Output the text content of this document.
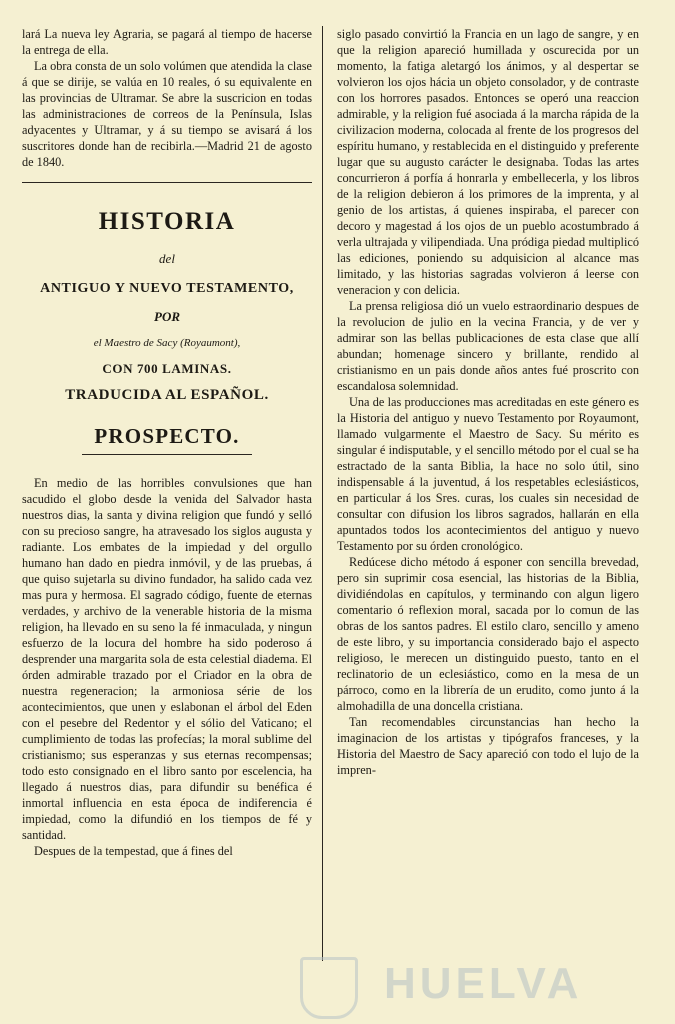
lará La nueva ley Agraria, se pagará al tiempo de hacerse la entrega de ella.

La obra consta de un solo volúmen que atendida la clase á que se dirije, se valúa en 10 reales, ó su equivalente en las provincias de Ultramar. Se abre la suscricion en todas las administraciones de correos de la Península, Islas adyacentes y Ultramar, y á su tiempo se avisará á los suscritores donde han de recibirla.—Madrid 21 de agosto de 1840.

HISTORIA
del
ANTIGUO Y NUEVO TESTAMENTO,
POR
el Maestro de Sacy (Royaumont),
CON 700 LAMINAS.
TRADUCIDA AL ESPAÑOL.
PROSPECTO.

En medio de las horribles convulsiones que han sacudido el globo desde la venida del Salvador hasta nuestros dias, la santa y divina religion que fundó y selló con su precioso sangre, ha atravesado los siglos augusta y radiante. Los embates de la impiedad y del orgullo humano han dado en piedra inmóvil, y de las pruebas, á que quiso sujetarla su divino fundador, ha salido cada vez mas pura y hermosa. El sagrado código, fuente de eternas verdades, y archivo de la venerable historia de la misma religion, ha llevado en su seno la fé inmaculada, y ningun esfuerzo de la locura del hombre ha sido poderoso á desprender una margarita sola de esta celestial diadema. El órden admirable trazado por el Criador en la obra de nuestra regeneracion; la armoniosa série de los acontecimientos, que unen y eslabonan el árbol del Eden con el pesebre del Redentor y el sólio del Vaticano; el cumplimiento de todas las profecías; la moral sublime del cristianismo; sus esperanzas y sus eternas recompensas; todo esto consignado en el libro santo por escelencia, ha llegado á nuestros dias, para difundir su benéfica é inmortal influencia en esta época de indiferencia é impiedad, como la difundió en los tiempos de fé y santidad.

Despues de la tempestad, que á fines del

siglo pasado convirtió la Francia en un lago de sangre, y en que la religion apareció humillada y oscurecida por un momento, la fatiga aletargó los ánimos, y al despertar se volvieron los ojos hácia un objeto consolador, y de contraste con los horrores pasados. Entonces se operó una reaccion admirable, y la religion fué asociada á la marcha rápida de la civilizacion moderna, colocada al frente de los progresos del espíritu humano, y restablecida en el distinguido y preferente lugar que su augusto carácter le designaba. Todas las artes concurrieron á porfía á honrarla y embellecerla, y los libros de la religion debieron á los primores de la imprenta, y al genio de los artistas, á quienes inspiraba, el parecer con decoro y magestad á los ojos de un pueblo acostumbrado á verla ultrajada y vilipendiada. Una pródiga piedad multiplicó las ediciones, poniendo su adquisicion al alcance mas limitado, y las historias sagradas volvieron á leerse con veneracion y con delicia.

La prensa religiosa dió un vuelo estraordinario despues de la revolucion de julio en la vecina Francia, y de ver y admirar son las bellas publicaciones de esta clase que allí abundan; homenage sincero y brillante, rendido al cristianismo en un pais donde años antes fué proscrito con escandalosa solemnidad.

Una de las producciones mas acreditadas en este género es la Historia del antiguo y nuevo Testamento por Royaumont, llamado vulgarmente el Maestro de Sacy. Su mérito es singular é indisputable, y el sencillo método por el cual se ha estractado de la santa Biblia, la hace no solo útil, sino indispensable á la juventud, á los respetables eclesiásticos, en particular á los Sres. curas, los cuales sin necesidad de consultar con difusion los libros sagrados, hallarán en ella apuntados todos los acontecimientos del antiguo y nuevo Testamento por su órden cronológico.

Redúcese dicho método á esponer con sencilla brevedad, pero sin suprimir cosa esencial, las historias de la Biblia, dividiéndolas en capítulos, y terminando con algun ligero comentario ó reflexion moral, sacada por lo comun de las obras de los santos padres. El estilo claro, sencillo y ameno de este libro, y su importancia considerado bajo el aspecto religioso, le merecen un distinguido puesto, tanto en el reclinatorio de un eclesiástico, como en la mesa de un párroco, como en la librería de un erudito, como junto á la almohadilla de una doncella cristiana.

Tan recomendables circunstancias han hecho la imaginacion de los artistas y tipógrafos franceses, y la Historia del Maestro de Sacy apareció con todo el lujo de la impren-

HUELVA
